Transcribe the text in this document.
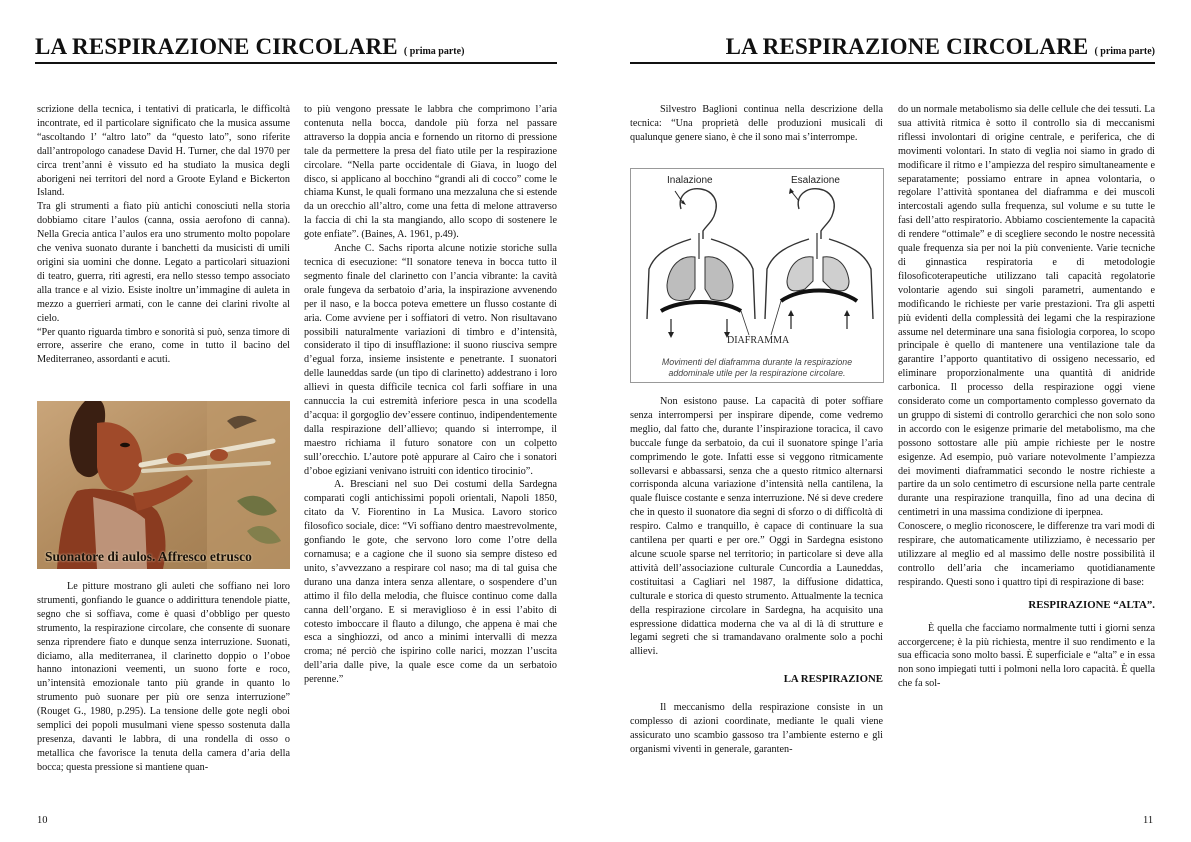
LA RESPIRAZIONE CIRCOLARE ( prima parte)

scrizione della tecnica, i tentativi di praticarla, le difficoltà incontrate, ed il particolare significato che la musica assume “ascoltando l’ “altro lato” da “questo lato”, sono riferite dall’antropologo canadese David H. Turner, che dal 1970 per circa trent’anni è vissuto ed ha studiato la musica degli aborigeni nei territori del nord a Groote Eyland e Bickerton Island.

Tra gli strumenti a fiato più antichi conosciuti nella storia dobbiamo citare l’aulos (canna, ossia aerofono di canna). Nella Grecia antica l’aulos era uno strumento molto popolare che veniva suonato durante i banchetti da musicisti di umili origini sia uomini che donne. Legato a particolari situazioni di teatro, guerra, riti agresti, era nello stesso tempo associato alla trance e al vizio. Esiste inoltre un’immagine di auleta in mezzo a guerrieri armati, con le canne dei clarini rivolte al cielo.

“Per quanto riguarda timbro e sonorità si può, senza timore di errore, asserire che erano, come in tutto il bacino del Mediterraneo, assordanti e acuti.

Suonatore di aulos. Affresco etrusco

Le pitture mostrano gli auleti che soffiano nei loro strumenti, gonfiando le guance o addirittura tenendole piatte, segno che si soffiava, come è quasi d’obbligo per questo strumento, la respirazione circolare, che consente di suonare senza riprendere fiato e dunque senza interruzione. Suonati, diciamo, alla mediterranea, il clarinetto doppio o l’oboe hanno intonazioni veementi, un suono forte e roco, un’intensità emozionale tanto più grande in quanto lo strumento può suonare per più ore senza interruzione” (Rouget G., 1980, p.295). La tensione delle gote negli oboi semplici dei popoli musulmani viene spesso sostenuta dalla presenza, davanti le labbra, di una rondella di osso o metallica che favorisce la tenuta della camera d’aria della bocca; questa pressione si mantiene quan-

to più vengono pressate le labbra che comprimono l’aria contenuta nella bocca, dandole più forza nel passare attraverso la doppia ancia e fornendo un ritorno di pressione tale da permettere la presa del fiato utile per la respirazione circolare. “Nella parte occidentale di Giava, in luogo del disco, si applicano al bocchino “grandi ali di cocco” come le chiama Kunst, le quali formano una mezzaluna che si estende da un orecchio all’altro, come una fetta di melone attraverso la faccia di chi la sta mangiando, allo scopo di sostenere le gote enfiate”. (Baines, A. 1961, p.49).

Anche C. Sachs riporta alcune notizie storiche sulla tecnica di esecuzione: “Il sonatore teneva in bocca tutto il segmento finale del clarinetto con l’ancia vibrante: la cavità orale fungeva da serbatoio d’aria, la inspirazione avvenendo per il naso, e la bocca poteva emettere un flusso costante di aria. Come avviene per i soffiatori di vetro. Non risultavano possibili naturalmente variazioni di timbro e d’intensità, considerato il tipo di insufflazione: il suono riusciva sempre d’egual forza, insieme insistente e penetrante. I suonatori delle launeddas sarde (un tipo di clarinetto) addestrano i loro allievi in questa difficile tecnica col farli soffiare in una cannuccia la cui estremità inferiore pesca in una scodella d’acqua: il gorgoglio dev’essere continuo, indipendentemente dalla respirazione dell’allievo; quando si interrompe, il maestro richiama il futuro sonatore con un colpetto sull’orecchio. L’autore potè appurare al Cairo che i sonatori d’oboe egiziani venivano istruiti con identico tirocinio”.

A. Bresciani nel suo Dei costumi della Sardegna comparati cogli antichissimi popoli orientali, Napoli 1850, citato da V. Fiorentino in La Musica. Lavoro storico filosofico sociale, dice: “Vi soffiano dentro maestrevolmente, gonfiando le gote, che servono loro come l’otre della cornamusa; e a cagione che il suono sia sempre disteso ed unito, s’avvezzano a respirare col naso; ma di tal guisa che durano una danza intera senza allentare, o sospendere d’un attimo il filo della melodia, che fluisce continuo come dalla canna dell’organo. E si meraviglioso è in essi l’abito di cotesto imboccare il flauto a dilungo, che appena è mai che esca a singhiozzi, od anco a minimi intervalli di mezza croma; né perciò che ispirino colle narici, mozzan l’uscita dell’aria dalle pive, la quale esce come da un serbatoio perenne.”

10
LA RESPIRAZIONE CIRCOLARE ( prima parte)

Silvestro Baglioni continua nella descrizione della tecnica: “Una proprietà delle produzioni musicali di qualunque genere siano, è che il sono mai s’interrompe.

Inalazione	Esalazione
DIAFRAMMA
Movimenti del diaframma durante la respirazione
addominale utile per la respirazione circolare.

Non esistono pause. La capacità di poter soffiare senza interrompersi per inspirare dipende, come vedremo meglio, dal fatto che, durante l’inspirazione toracica, il cavo buccale funge da serbatoio, da cui il suonatore spinge l’aria comprimendo le gote. Infatti esse si veggono ritmicamente sollevarsi e abbassarsi, senza che a questo ritmico alternarsi corrisponda alcuna variazione d’intensità nella cantilena, la quale fluisce costante e senza interruzione. Né si deve credere che in questo il suonatore dia segni di sforzo o di difficoltà di respiro. Calmo e tranquillo, è capace di continuare la sua cantilena per quarti e per ore.” Oggi in Sardegna esistono alcune scuole sparse nel territorio; in particolare si deve alla attività dell’associazione culturale Cuncordia a Launeddas, costituitasi a Cagliari nel 1987, la diffusione didattica, culturale e storica di questo strumento. Attualmente la tecnica della respirazione circolare in Sardegna, ha acquisito una espressione didattica moderna che va al di là di strutture e legami segreti che si tramandavano oralmente solo a pochi allievi.

LA RESPIRAZIONE

Il meccanismo della respirazione consiste in un complesso di azioni coordinate, mediante le quali viene assicurato uno scambio gassoso tra l’ambiente esterno e gli organismi viventi in generale, garanten-

do un normale metabolismo sia delle cellule che dei tessuti. La sua attività ritmica è sotto il controllo sia di meccanismi riflessi involontari di origine centrale, e periferica, che di movimenti volontari. In stato di veglia noi siamo in grado di modificare il ritmo e l’ampiezza del respiro simultaneamente e separatamente; possiamo entrare in apnea volontaria, o regolare l’attività spontanea del diaframma e dei muscoli intercostali agendo sulla frequenza, sul volume e su tutte le fasi dell’atto respiratorio. Abbiamo coscientemente la capacità di rendere “ottimale” e di scegliere secondo le nostre necessità quale frequenza sia per noi la più conveniente. Varie tecniche di ginnastica respiratoria e di metodologie filosoficoterapeutiche utilizzano tali capacità regolatorie volontarie agendo sui singoli parametri, aumentando e modificando le richieste per varie prestazioni. Tra gli aspetti più evidenti della complessità dei legami che la respirazione assume nel determinare una sana fisiologia corporea, lo scopo principale è quello di mantenere una ventilazione tale da garantire l’apporto quantitativo di ossigeno necessario, ed eliminare proporzionalmente una quantità di anidride carbonica. Il processo della respirazione oggi viene considerato come un comportamento complesso governato da un gruppo di sistemi di controllo gerarchici che non solo sono in accordo con le esigenze primarie del metabolismo, ma che possono sottostare alle più ampie richieste per le nostre esigenze. Ad esempio, può variare notevolmente l’ampiezza dei movimenti diaframmatici secondo le nostre richieste a partire da un solo centimetro di escursione nella parte centrale durante una respirazione tranquilla, fino ad una decina di centimetri in una massima condizione di iperpnea.

Conoscere, o meglio riconoscere, le differenze tra vari modi di respirare, che automaticamente utilizziamo, è necessario per utilizzare al meglio ed al massimo delle nostre possibilità il controllo dell’aria che incameriamo quotidianamente respirando. Questi sono i quattro tipi di respirazione di base:

RESPIRAZIONE “ALTA”.

È quella che facciamo normalmente tutti i giorni senza accorgercene; è la più richiesta, mentre il suo rendimento e la sua efficacia sono molto bassi. È superficiale e “alta” e in essa non sono impiegati tutti i polmoni nella loro capacità. È quella che fa sol-

11
